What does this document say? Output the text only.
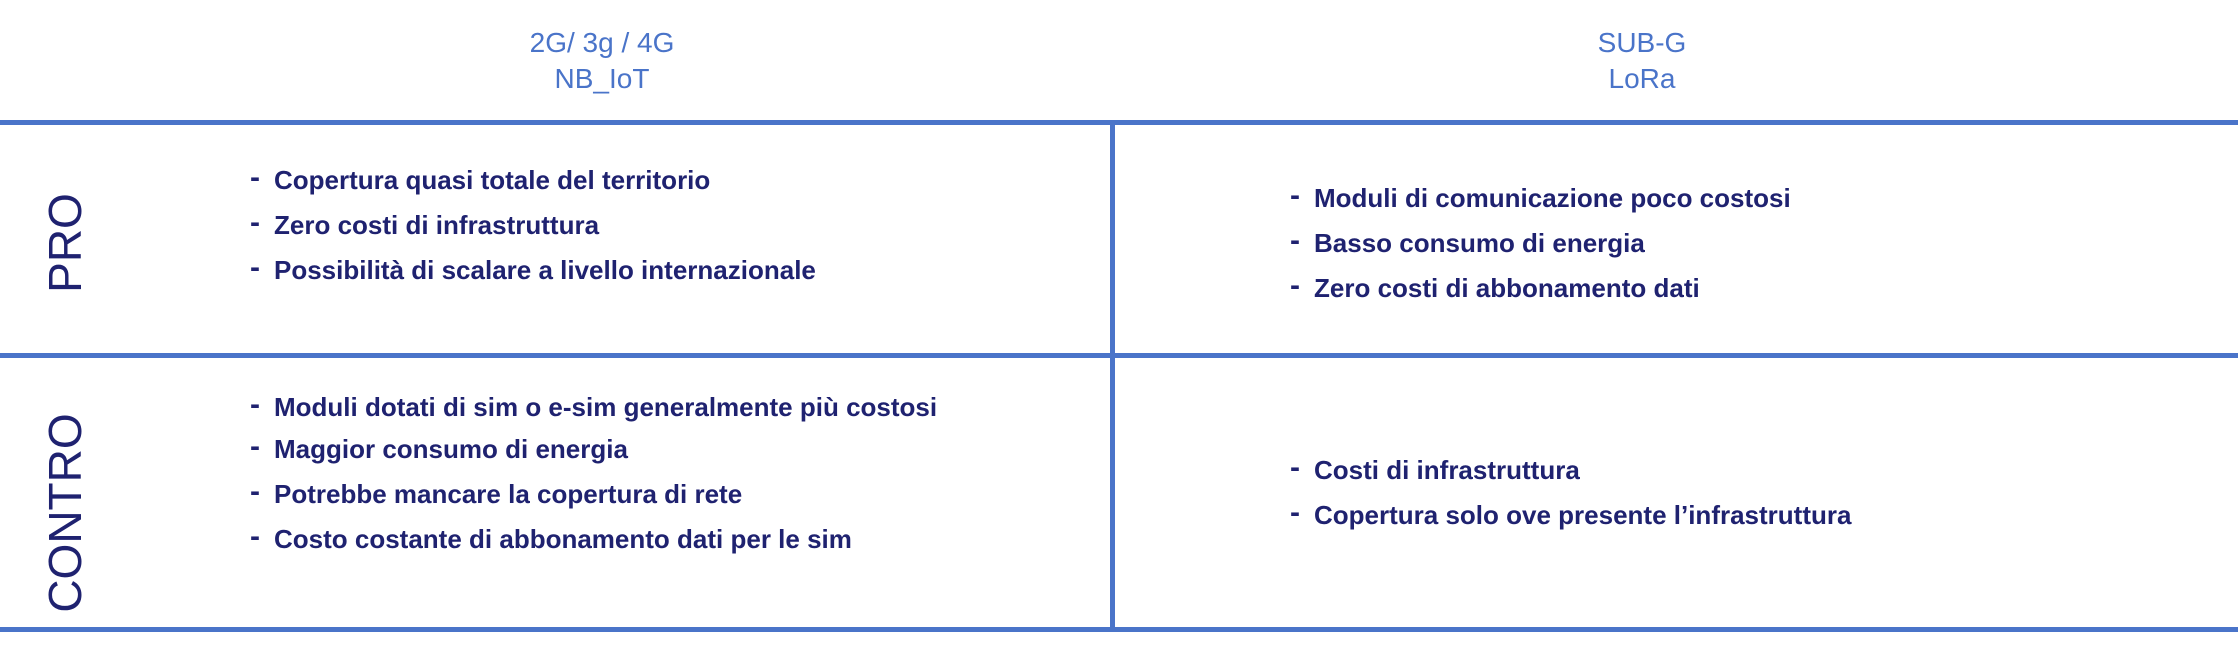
2G/ 3g / 4G
NB_IoT
SUB-G
LoRa
PRO
CONTRO
- Copertura quasi totale del territorio
- Zero costi di infrastruttura
- Possibilità di scalare a livello internazionale
- Moduli di comunicazione poco costosi
- Basso consumo di energia
- Zero costi di abbonamento dati
- Moduli dotati di sim o e-sim generalmente più costosi
- Maggior consumo di energia
- Potrebbe mancare la copertura di rete
- Costo costante di abbonamento dati per le sim
- Costi di infrastruttura
- Copertura solo ove presente l’infrastruttura
